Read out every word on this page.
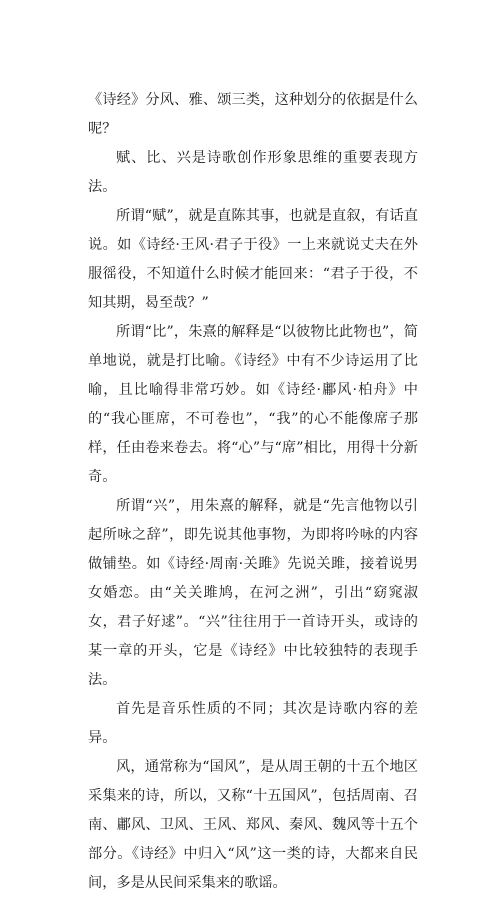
《诗经》分风、雅、颂三类，这种划分的依据是什么呢？

赋、比、兴是诗歌创作形象思维的重要表现方法。

所谓“赋”，就是直陈其事，也就是直叙，有话直说。如《诗经·王风·君子于役》一上来就说丈夫在外服徭役，不知道什么时候才能回来：“君子于役，不知其期，曷至哉？”

所谓“比”，朱熹的解释是“以彼物比此物也”，简单地说，就是打比喻。《诗经》中有不少诗运用了比喻，且比喻得非常巧妙。如《诗经·鄘风·柏舟》中的“我心匪席，不可卷也”，“我”的心不能像席子那样，任由卷来卷去。将“心”与“席”相比，用得十分新奇。

所谓“兴”，用朱熹的解释，就是“先言他物以引起所咏之辞”，即先说其他事物，为即将吟咏的内容做铺垫。如《诗经·周南·关雎》先说关雎，接着说男女婚恋。由“关关雎鸠，在河之洲”，引出“窈窕淑女，君子好逑”。“兴”往往用于一首诗开头，或诗的某一章的开头，它是《诗经》中比较独特的表现手法。

首先是音乐性质的不同；其次是诗歌内容的差异。

风，通常称为“国风”，是从周王朝的十五个地区采集来的诗，所以，又称“十五国风”，包括周南、召南、鄘风、卫风、王风、郑风、秦风、魏风等十五个部分。《诗经》中归入“风”这一类的诗，大都来自民间，多是从民间采集来的歌谣。
